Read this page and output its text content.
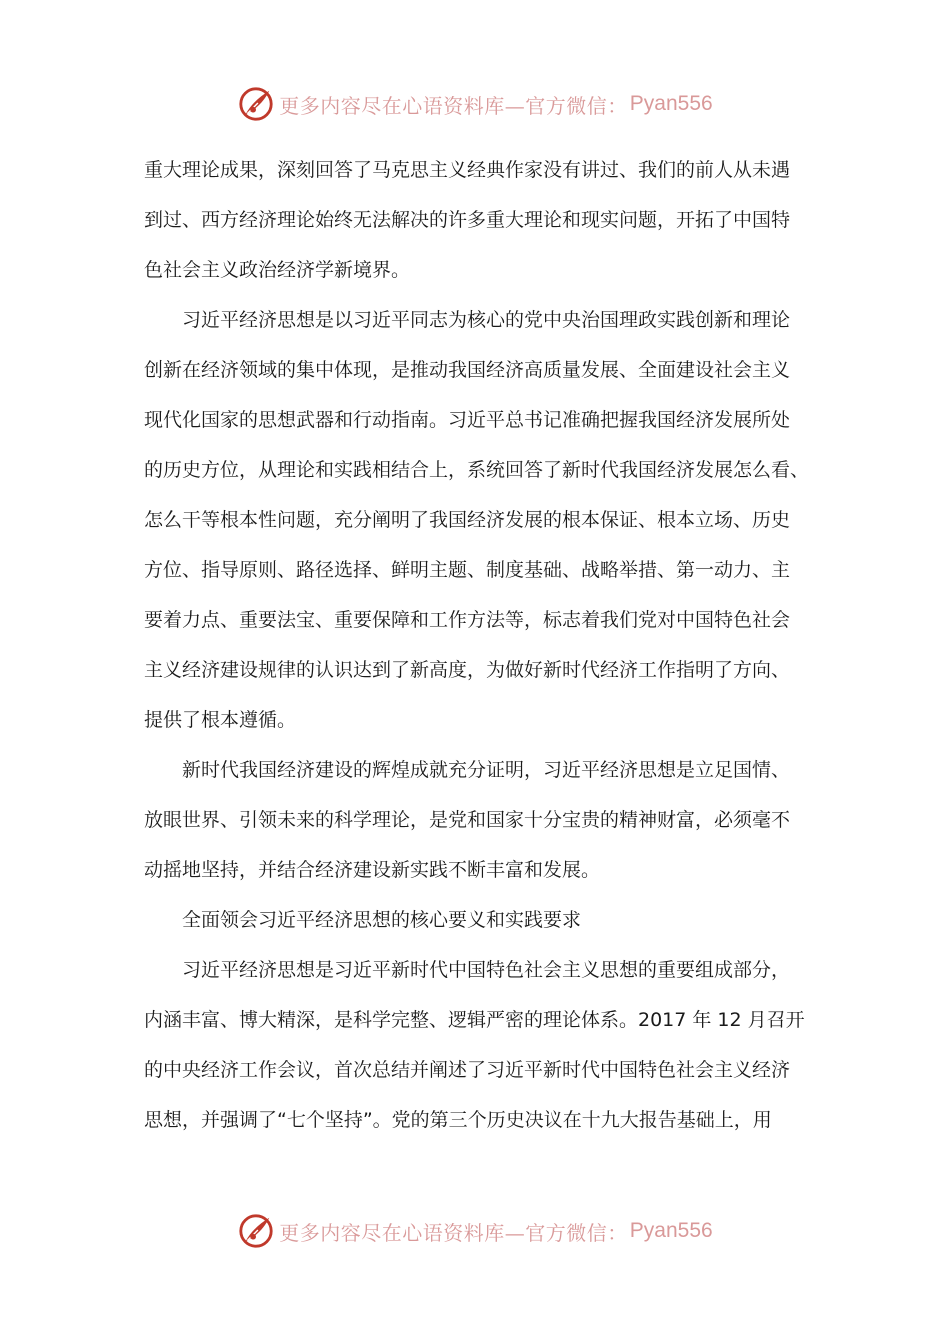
更多内容尽在心语资料库—官方微信： Pyan556
重大理论成果，深刻回答了马克思主义经典作家没有讲过、我们的前人从未遇
到过、西方经济理论始终无法解决的许多重大理论和现实问题，开拓了中国特
色社会主义政治经济学新境界。
习近平经济思想是以习近平同志为核心的党中央治国理政实践创新和理论
创新在经济领域的集中体现，是推动我国经济高质量发展、全面建设社会主义
现代化国家的思想武器和行动指南。习近平总书记准确把握我国经济发展所处
的历史方位，从理论和实践相结合上，系统回答了新时代我国经济发展怎么看、
怎么干等根本性问题，充分阐明了我国经济发展的根本保证、根本立场、历史
方位、指导原则、路径选择、鲜明主题、制度基础、战略举措、第一动力、主
要着力点、重要法宝、重要保障和工作方法等，标志着我们党对中国特色社会
主义经济建设规律的认识达到了新高度，为做好新时代经济工作指明了方向、
提供了根本遵循。
新时代我国经济建设的辉煌成就充分证明，习近平经济思想是立足国情、
放眼世界、引领未来的科学理论，是党和国家十分宝贵的精神财富，必须毫不
动摇地坚持，并结合经济建设新实践不断丰富和发展。
全面领会习近平经济思想的核心要义和实践要求
习近平经济思想是习近平新时代中国特色社会主义思想的重要组成部分，
内涵丰富、博大精深，是科学完整、逻辑严密的理论体系。2017 年 12 月召开
的中央经济工作会议，首次总结并阐述了习近平新时代中国特色社会主义经济
思想，并强调了“七个坚持”。党的第三个历史决议在十九大报告基础上，用
更多内容尽在心语资料库—官方微信： Pyan556
